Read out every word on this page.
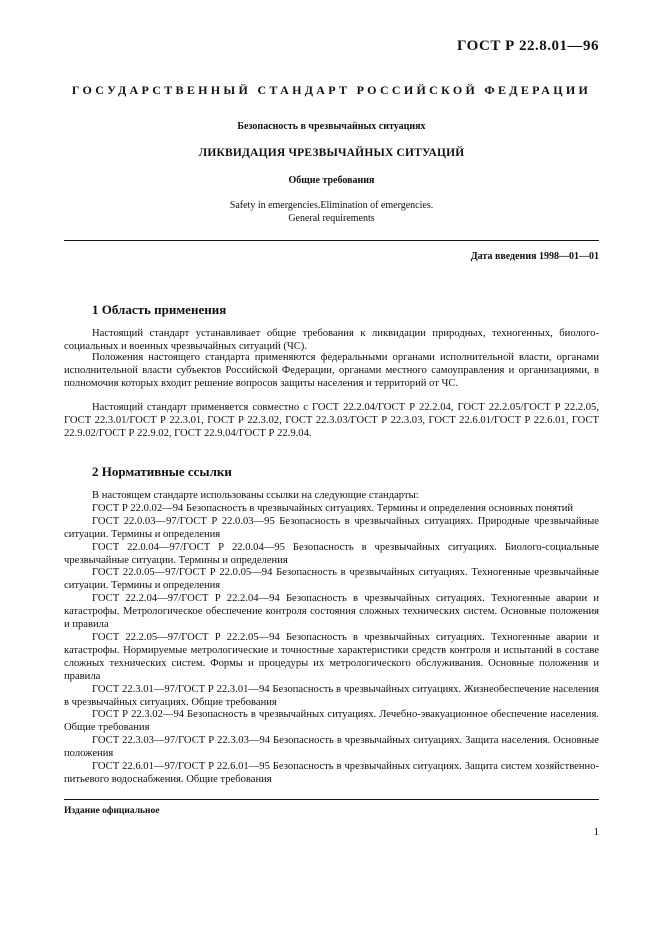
ГОСТ Р 22.8.01—96
ГОСУДАРСТВЕННЫЙ СТАНДАРТ РОССИЙСКОЙ ФЕДЕРАЦИИ
Безопасность в чрезвычайных ситуациях
ЛИКВИДАЦИЯ ЧРЕЗВЫЧАЙНЫХ СИТУАЦИЙ
Общие требования
Safety in emergencies.Elimination of emergencies.
General requirements
Дата введения 1998—01—01
1 Область применения
Настоящий стандарт устанавливает общие требования к ликвидации природных, техногенных, биолого-социальных и военных чрезвычайных ситуаций (ЧС).
Положения настоящего стандарта применяются федеральными органами исполнительной власти, органами исполнительной власти субъектов Российской Федерации, органами местного самоуправления и организациями, в полномочия которых входит решение вопросов защиты населения и территорий от ЧС.
Настоящий стандарт применяется совместно с ГОСТ 22.2.04/ГОСТ Р 22.2.04, ГОСТ 22.2.05/ГОСТ Р 22.2.05, ГОСТ 22.3.01/ГОСТ Р 22.3.01, ГОСТ Р 22.3.02, ГОСТ 22.3.03/ГОСТ Р 22.3.03, ГОСТ 22.6.01/ГОСТ Р 22.6.01, ГОСТ 22.9.02/ГОСТ Р 22.9.02, ГОСТ 22.9.04/ГОСТ Р 22.9.04.
2 Нормативные ссылки
В настоящем стандарте использованы ссылки на следующие стандарты:
ГОСТ Р 22.0.02—94 Безопасность в чрезвычайных ситуациях. Термины и определения основных понятий
ГОСТ 22.0.03—97/ГОСТ Р 22.0.03—95 Безопасность в чрезвычайных ситуациях. Природные чрезвычайные ситуации. Термины и определения
ГОСТ 22.0.04—97/ГОСТ Р 22.0.04—95 Безопасность в чрезвычайных ситуациях. Биолого-социальные чрезвычайные ситуации. Термины и определения
ГОСТ 22.0.05—97/ГОСТ Р 22.0.05—94 Безопасность в чрезвычайных ситуациях. Техногенные чрезвычайные ситуации. Термины и определения
ГОСТ 22.2.04—97/ГОСТ Р 22.2.04—94 Безопасность в чрезвычайных ситуациях. Техногенные аварии и катастрофы. Метрологическое обеспечение контроля состояния сложных технических систем. Основные положения и правила
ГОСТ 22.2.05—97/ГОСТ Р 22.2.05—94 Безопасность в чрезвычайных ситуациях. Техногенные аварии и катастрофы. Нормируемые метрологические и точностные характеристики средств контроля и испытаний в составе сложных технических систем. Формы и процедуры их метрологического обслуживания. Основные положения и правила
ГОСТ 22.3.01—97/ГОСТ Р 22.3.01—94 Безопасность в чрезвычайных ситуациях. Жизнеобеспечение населения в чрезвычайных ситуациях. Общие требования
ГОСТ Р 22.3.02—94 Безопасность в чрезвычайных ситуациях. Лечебно-эвакуационное обеспечение населения. Общие требования
ГОСТ 22.3.03—97/ГОСТ Р 22.3.03—94 Безопасность в чрезвычайных ситуациях. Защита населения. Основные положения
ГОСТ 22.6.01—97/ГОСТ Р 22.6.01—95 Безопасность в чрезвычайных ситуациях. Защита систем хозяйственно-питьевого водоснабжения. Общие требования
Издание официальное
1
